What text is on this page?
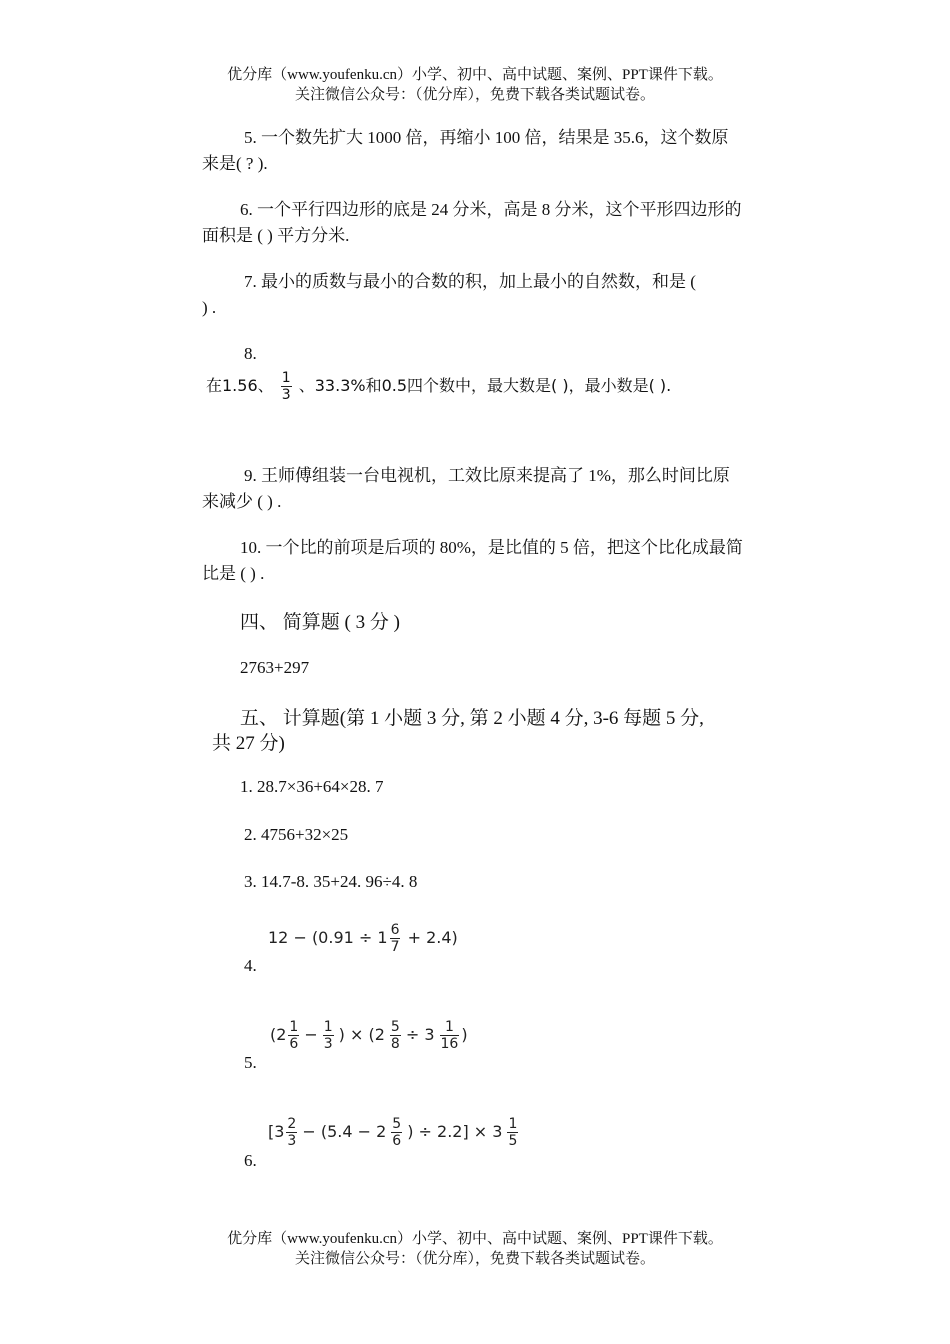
优分库（www.youfenku.cn）小学、初中、高中试题、案例、PPT课件下载。
关注微信公众号：（优分库），免费下载各类试题试卷。
5. 一个数先扩大 1000 倍，再缩小 100 倍，结果是 35.6，这个数原
来是( ? ).
6. 一个平行四边形的底是 24 分米，高是 8 分米，这个平形四边形的
面积是 ( ) 平方分米.
7. 最小的质数与最小的合数的积，加上最小的自然数，和是 (
) .
8.
在1.56、 $\frac{1}{3}$ 、33.3%和0.5四个数中，最大数是( )，最小数是( ).
9. 王师傅组装一台电视机，工效比原来提高了 1%，那么时间比原
来减少 ( ) .
10. 一个比的前项是后项的 80%，是比值的 5 倍，把这个比化成最简
比是 ( ) .
四、 简算题 ( 3 分 )
2763+297
五、 计算题(第 1 小题 3 分, 第 2 小题 4 分, 3-6 每题 5 分,
共 27 分)
1. 28.7×36+64×28. 7
2. 4756+32×25
3. 14.7-8. 35+24. 96÷4. 8
$12 - (0.91 \div 1 \frac{6}{7} + 2.4)$
4.
($2 \frac{1}{6} - \frac{1}{3}$ ) × ($2 \frac{5}{8} \div 3 \frac{1}{16}$ )
5.
[$3 \frac{2}{3} - (5.4 - 2 \frac{5}{6}$ ) ÷ $2.2] \times 3 \frac{1}{5}$
6.
优分库（www.youfenku.cn）小学、初中、高中试题、案例、PPT课件下载。
关注微信公众号：（优分库），免费下载各类试题试卷。
